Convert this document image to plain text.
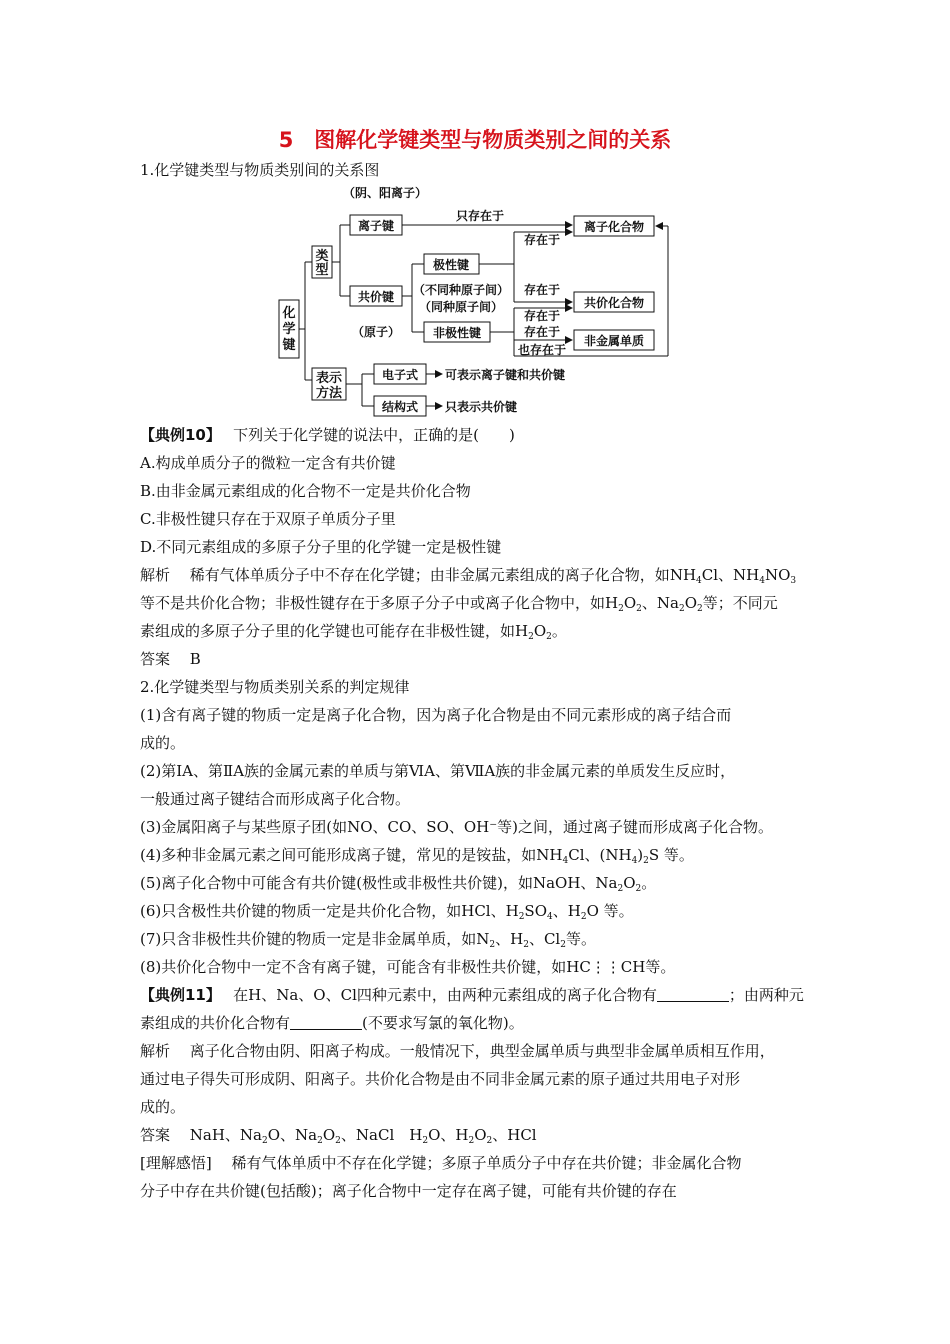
5　图解化学键类型与物质类别之间的关系
1.化学键类型与物质类别间的关系图
化
学
键
类
型
表示
方法
（阴、阳离子）
离子键
只存在于
离子化合物
存在于
极性键
共价键 （不同种原子间）
（同种原子间）
存在于
共价化合物
（原子）
存在于
非极性键	存在于
非金属单质
也存在于
电子式 可表示离子键和共价键
结构式 只表示共价键
【典例10】　 下列关于化学键的说法中，正确的是(　　)
A.构成单质分子的微粒一定含有共价键
B.由非金属元素组成的化合物不一定是共价化合物
C.非极性键只存在于双原子单质分子里
D.不同元素组成的多原子分子里的化学键一定是极性键
解析　 稀有气体单质分子中不存在化学键；由非金属元素组成的离子化合物，如$NH_4Cl$、$NH_4NO_3$
等不是共价化合物；非极性键存在于多原子分子中或离子化合物中，如$H_2O_2$、$Na_2O_2$等；不同元
素组成的多原子分子里的化学键也可能存在非极性键，如$H_2O_2$。
答案　 B
2.化学键类型与物质类别关系的判定规律
(1)含有离子键的物质一定是离子化合物，因为离子化合物是由不同元素形成的离子结合而
成的。
(2)第ⅠA、第ⅡA族的金属元素的单质与第ⅥA、第ⅦA族的非金属元素的单质发生反应时，
一般通过离子键结合而形成离子化合物。
(3)金属阳离子与某些原子团(如NO、CO、SO、OH⁻等)之间，通过离子键而形成离子化合物。
(4)多种非金属元素之间可能形成离子键，常见的是铵盐，如$NH_4Cl$、$(NH_4)_2S$ 等。
(5)离子化合物中可能含有共价键(极性或非极性共价键)，如NaOH、$Na_2O_2$。
(6)只含极性共价键的物质一定是共价化合物，如HCl、$H_2SO_4$、$H_2O$ 等。
(7)只含非极性共价键的物质一定是非金属单质，如$N_2$、$H_2$、$Cl_2$等。
(8)共价化合物中一定不含有离子键，可能含有非极性共价键，如HC⋮⋮CH等。
【典例11】　 在H、Na、O、Cl四种元素中，由两种元素组成的离子化合物有	；由两种元
素组成的共价化合物有	(不要求写氯的氧化物)。
解析　 离子化合物由阴、阳离子构成。一般情况下，典型金属单质与典型非金属单质相互作用，
通过电子得失可形成阴、阳离子。共价化合物是由不同非金属元素的原子通过共用电子对形
成的。
答案　 NaH、$Na_2O$、$Na_2O_2$、NaCl　$H_2O$、$H_2O_2$、HCl
[理解感悟]　 稀有气体单质中不存在化学键；多原子单质分子中存在共价键；非金属化合物
分子中存在共价键(包括酸)；离子化合物中一定存在离子键，可能有共价键的存在
